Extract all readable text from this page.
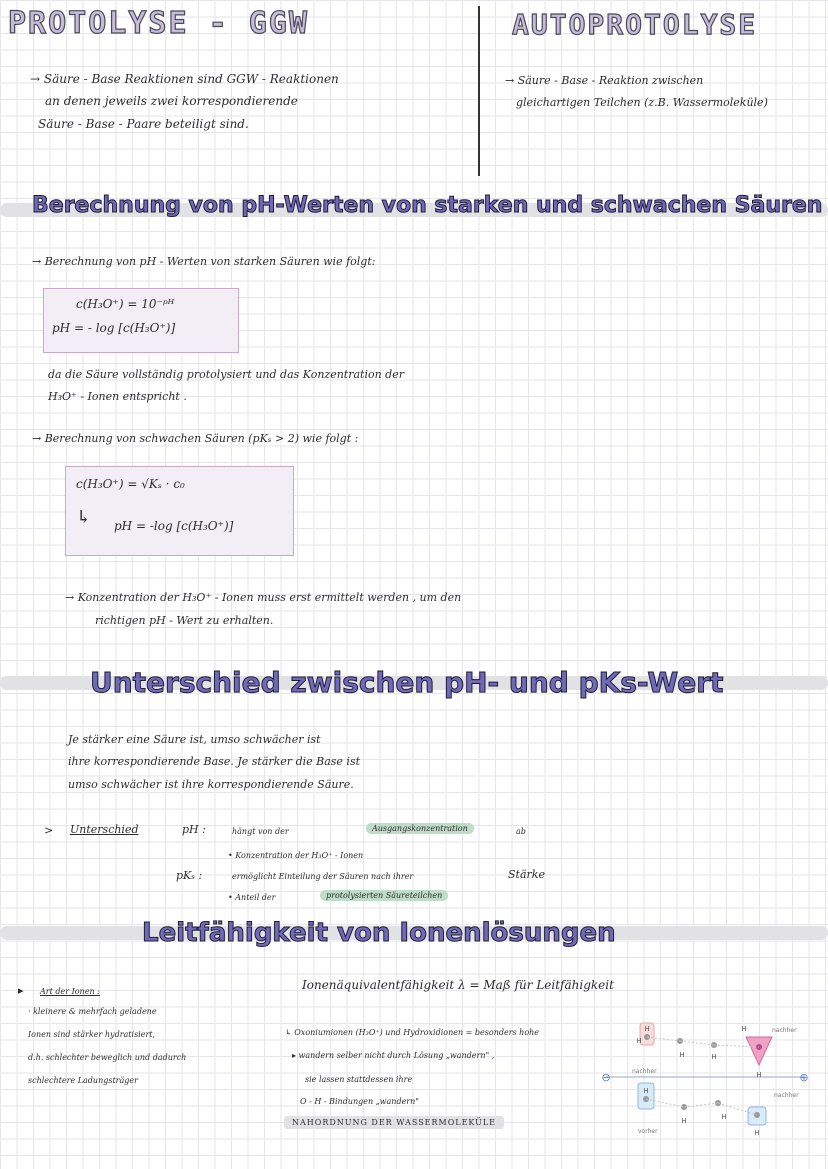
PROTOLYSE - GGW	AUTOPROTOLYSE
→ Säure - Base Reaktionen sind GGW - Reaktionen
an denen jeweils zwei korrespondierende
Säure - Base - Paare beteiligt sind.
→ Säure - Base - Reaktion zwischen
gleichartigen Teilchen (z.B. Wassermoleküle)
Berechnung von pH-Werten von starken und schwachen Säuren
→ Berechnung von pH - Werten von starken Säuren wie folgt:
c(H₃O⁺) = 10⁻ᵖᴴ
pH = - log [c(H₃O⁺)]
da die Säure vollständig protolysiert und das Konzentration der
H₃O⁺ - Ionen entspricht .
→ Berechnung von schwachen Säuren (pKₛ > 2) wie folgt :
c(H₃O⁺) = √Kₛ · c₀
↳ pH = -log [c(H₃O⁺)]
→ Konzentration der H₃O⁺ - Ionen muss erst ermittelt werden , um den
richtigen pH - Wert zu erhalten.
Unterschied zwischen pH- und pKs-Wert
Je stärker eine Säure ist, umso schwächer ist
ihre korrespondierende Base. Je stärker die Base ist
umso schwächer ist ihre korrespondierende Säure.
> Unterschied	pH :	hängt von der	Ausgangskonzentration	ab
• Konzentration der H₃O⁺ - Ionen
pKₛ :	ermöglicht Einteilung der Säuren nach ihrer	Stärke
• Anteil der	protolysierten Säureteilchen
Leitfähigkeit von Ionenlösungen
▸ Art der Ionen :
· kleinere & mehrfach geladene
Ionen sind stärker hydratisiert,
d.h. schlechter beweglich und dadurch
schlechtere Ladungsträger
Ionenäquivalentfähigkeit λ = Maß für Leitfähigkeit
↳ Oxoniumionen (H₃O⁺) und Hydroxidionen = besonders hohe
▸ wandern selber nicht durch Lösung „wandern" ,
sie lassen stattdessen ihre
O - H - Bindungen „wandern"
NAHORDNUNG DER WASSERMOLEKÜLE
⊖	⊕
H
H
H	H
H
H
nachher
nachher
H
H	H
H
nachher
vorher
